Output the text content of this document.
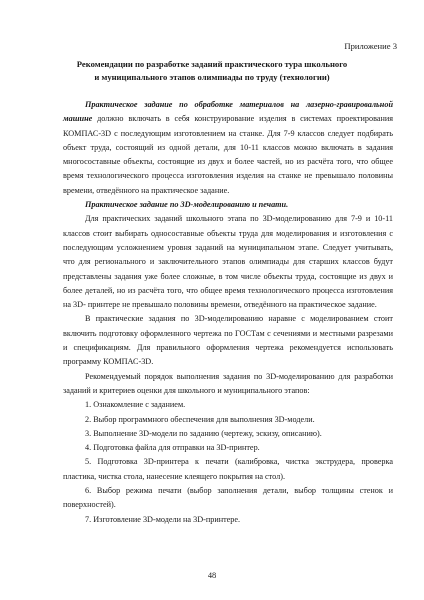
Приложение 3
Рекомендации по разработке заданий практического тура школьного
и муниципального этапов олимпиады по труду (технологии)

Практическое задание по обработке материалов на лазерно-гравировальной машине должно включать в себя конструирование изделия в системах проектирования КОМПАС-3D с последующим изготовлением на станке. Для 7-9 классов следует подбирать объект труда, состоящий из одной детали, для 10-11 классов можно включать в задания многосоставные объекты, состоящие из двух и более частей, но из расчёта того, что общее время технологического процесса изготовления изделия на станке не превышало половины времени, отведённого на практическое задание.

Практическое задание по 3D-моделированию и печати.

Для практических заданий школьного этапа по 3D-моделированию для 7-9 и 10-11 классов стоит выбирать односоставные объекты труда для моделирования и изготовления с последующим усложнением уровня заданий на муниципальном этапе. Следует учитывать, что для регионального и заключительного этапов олимпиады для старших классов будут представлены задания уже более сложные, в том числе объекты труда, состоящие из двух и более деталей, но из расчёта того, что общее время технологического процесса изготовления на 3D- принтере не превышало половины времени, отведённого на практическое задание.

В практические задания по 3D-моделированию наравне с моделированием стоит включить подготовку оформленного чертежа по ГОСТам с сечениями и местными разрезами и спецификациям. Для правильного оформления чертежа рекомендуется использовать программу КОМПАС-3D.

Рекомендуемый порядок выполнения задания по 3D-моделированию для разработки заданий и критериев оценки для школьного и муниципального этапов:

1. Ознакомление с заданием.
2. Выбор программного обеспечения для выполнения 3D-модели.
3. Выполнение 3D-модели по заданию (чертежу, эскизу, описанию).
4. Подготовка файла для отправки на 3D-принтер.
5. Подготовка 3D-принтера к печати (калибровка, чистка экструдера, проверка пластика, чистка стола, нанесение клеящего покрытия на стол).
6. Выбор режима печати (выбор заполнения детали, выбор толщины стенок и поверхностей).
7. Изготовление 3D-модели на 3D-принтере.
48
